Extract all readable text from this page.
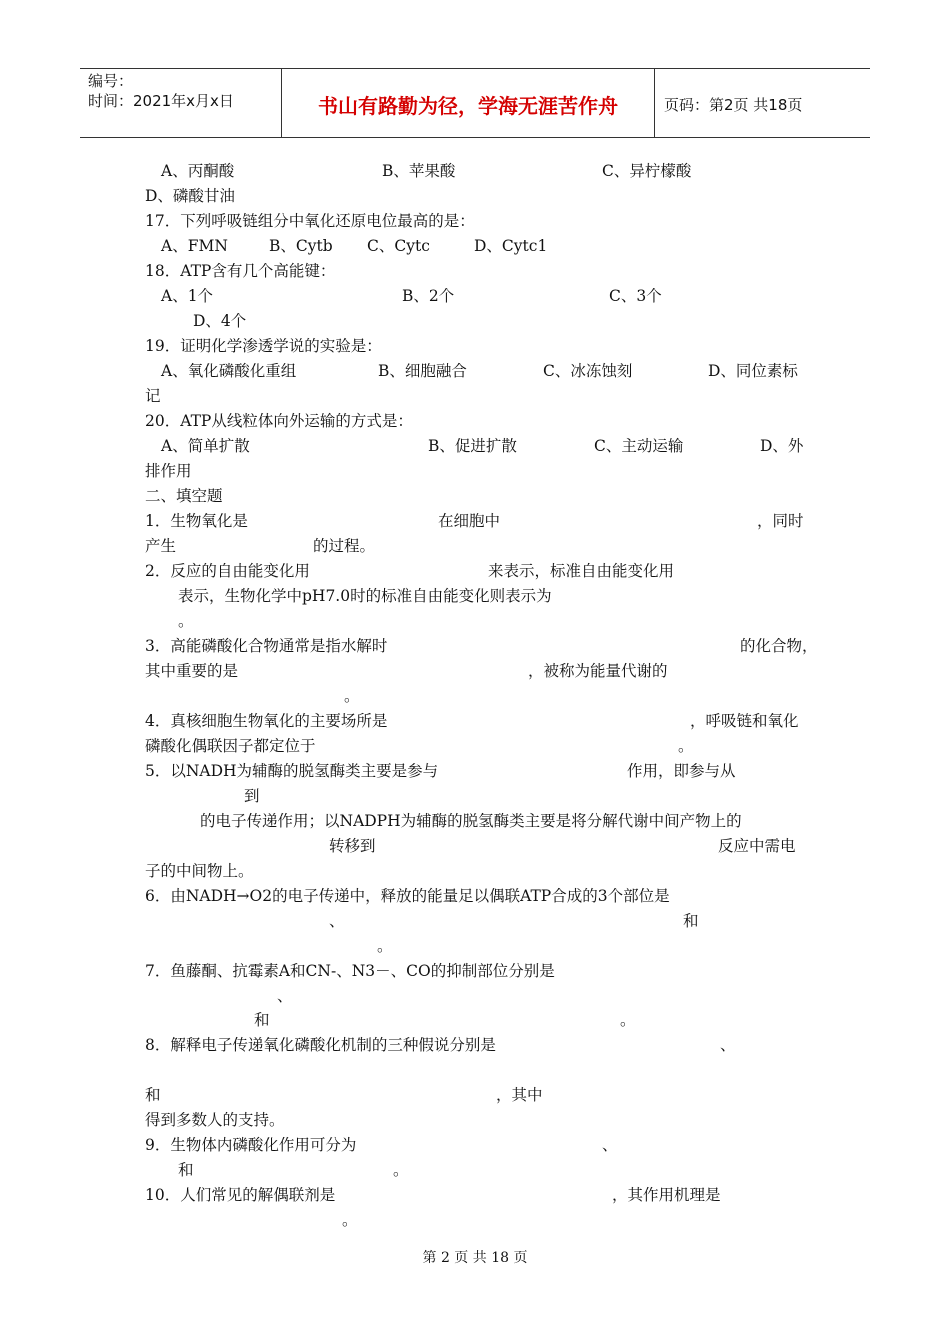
编号：
时间：2021年x月x日	书山有路勤为径，学海无涯苦作舟	页码：第2页 共18页
A、丙酮酸	B、苹果酸	C、异柠檬酸
D、磷酸甘油
17．下列呼吸链组分中氧化还原电位最高的是：
A、FMN	B、Cytb C、Cytc	D、Cytc1
18．ATP含有几个高能键：
A、1个	B、2个	C、3个
D、4个
19．证明化学渗透学说的实验是：
A、氧化磷酸化重组	B、细胞融合	C、冰冻蚀刻	D、同位素标
记
20．ATP从线粒体向外运输的方式是：
A、简单扩散	B、促进扩散	C、主动运输	D、外
排作用
二、填空题
1．生物氧化是	在细胞中	，同时
产生	的过程。
2．反应的自由能变化用	来表示，标准自由能变化用
表示，生物化学中pH7.0时的标准自由能变化则表示为
。
3．高能磷酸化合物通常是指水解时	的化合物，
其中重要的是	，被称为能量代谢的
。
4．真核细胞生物氧化的主要场所是	，呼吸链和氧化
磷酸化偶联因子都定位于	。
5．以NADH为辅酶的脱氢酶类主要是参与	作用，即参与从
到
的电子传递作用；以NADPH为辅酶的脱氢酶类主要是将分解代谢中间产物上的
转移到	反应中需电
子的中间物上。
6．由NADH→O2的电子传递中，释放的能量足以偶联ATP合成的3个部位是
、	和
。
7．鱼藤酮、抗霉素A和CN-、N3－、CO的抑制部位分别是
、
和	。
8．解释电子传递氧化磷酸化机制的三种假说分别是	、
和	，其中
得到多数人的支持。
9．生物体内磷酸化作用可分为	、
和	。
10．人们常见的解偶联剂是	，其作用机理是
。
第 2 页 共 18 页
